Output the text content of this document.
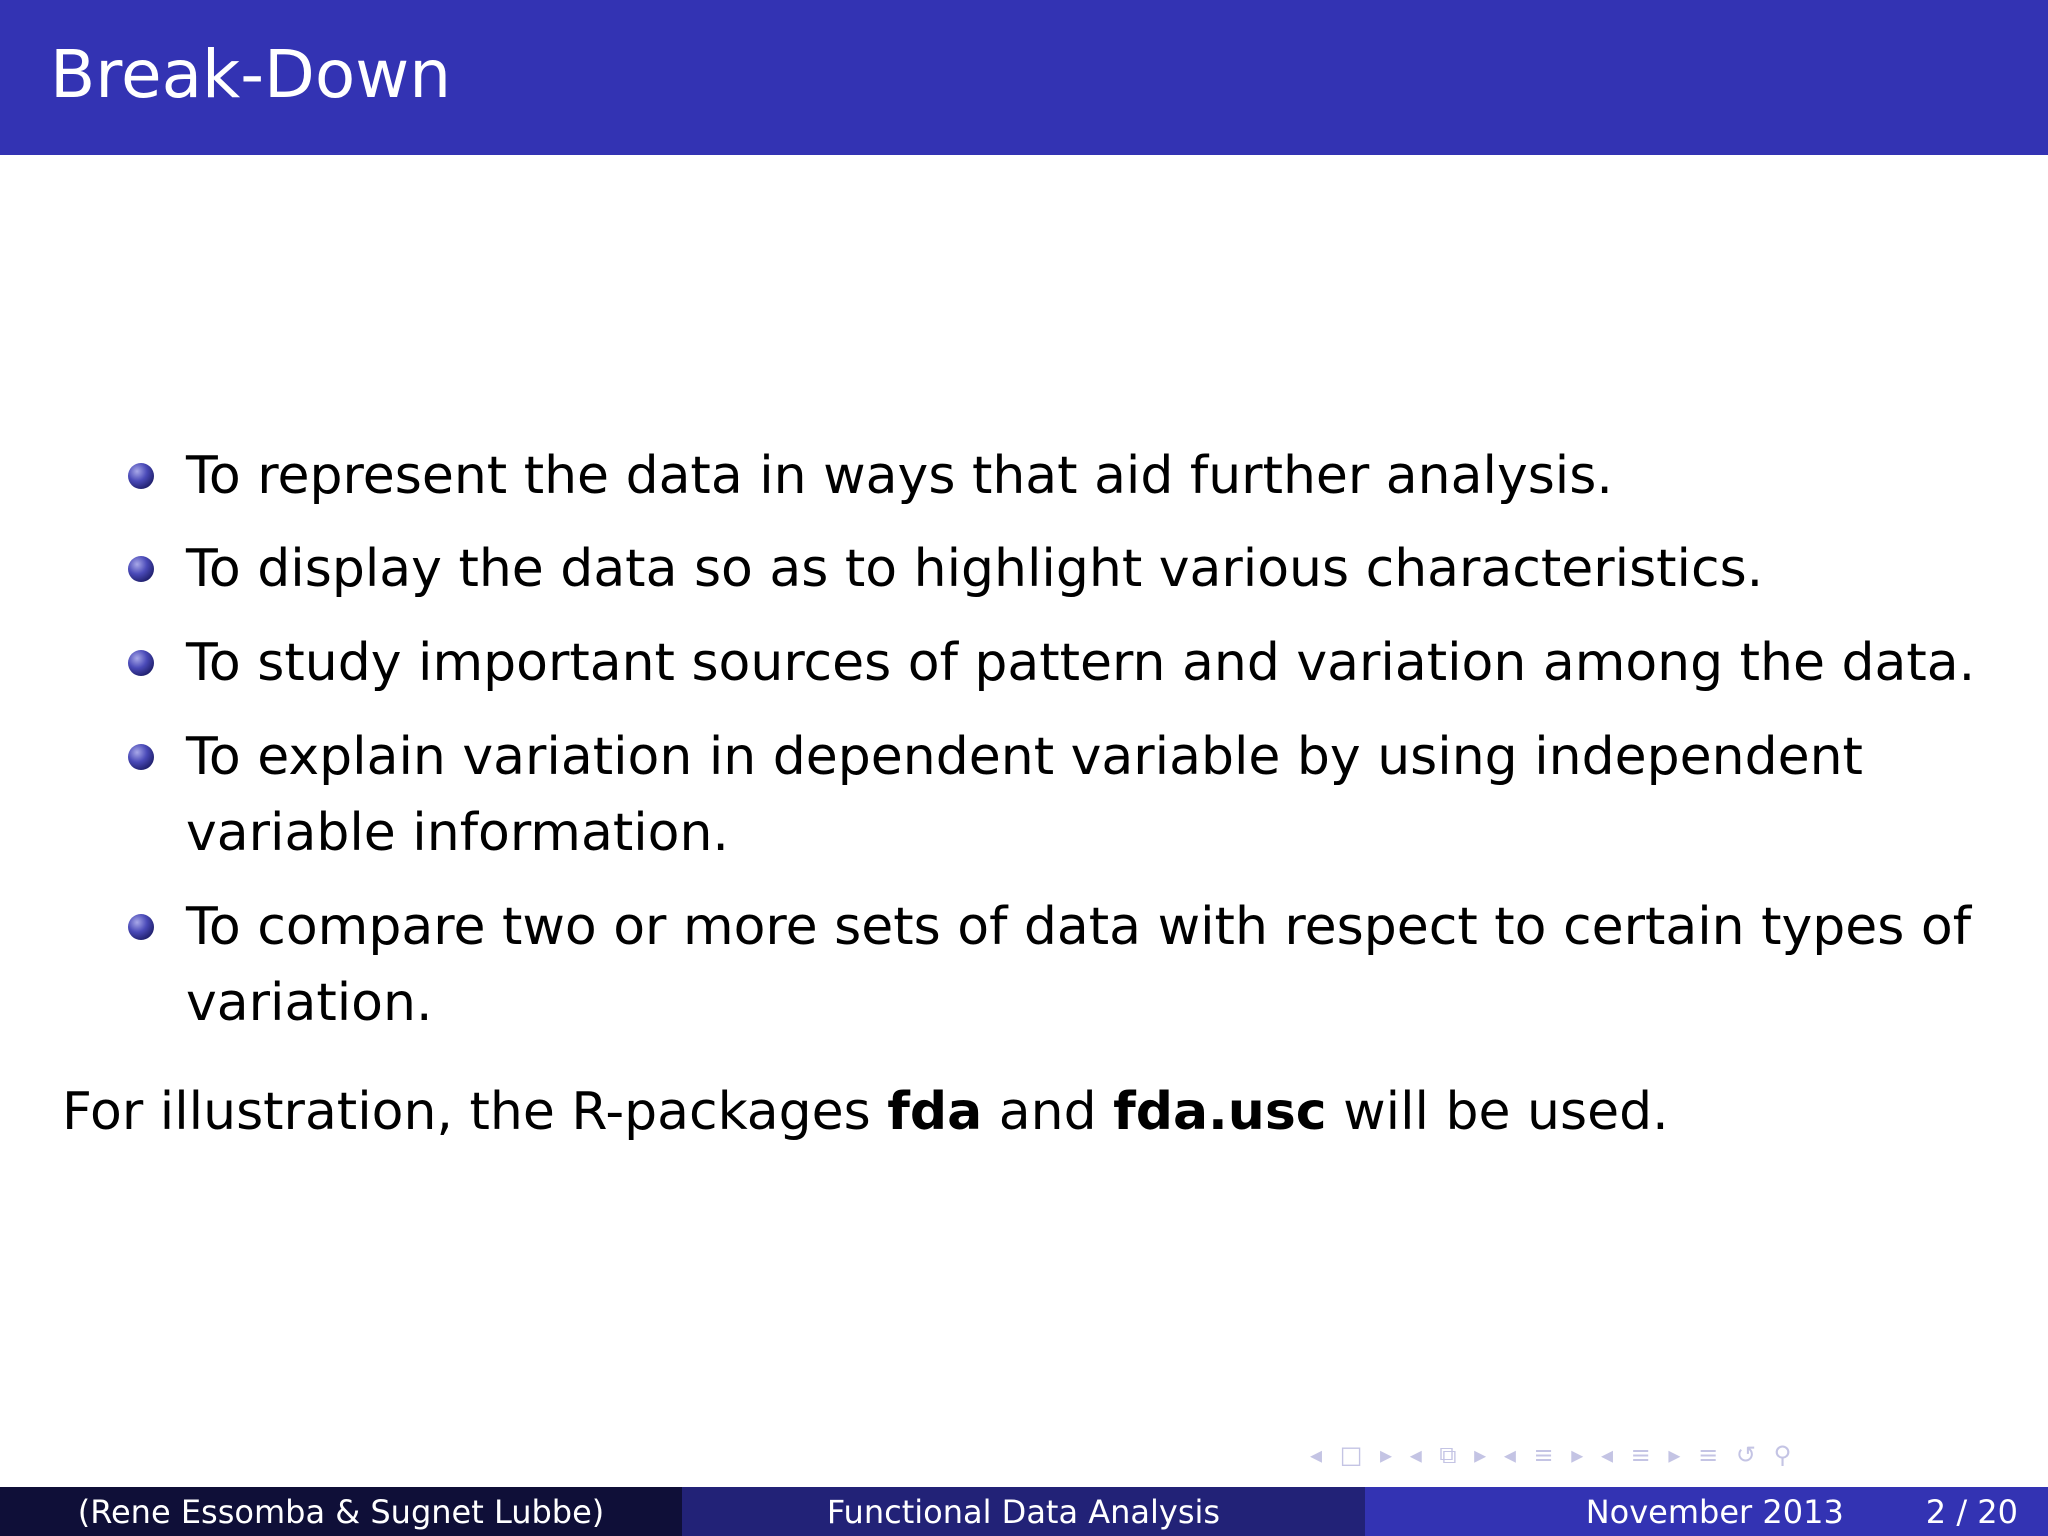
Break-Down
To represent the data in ways that aid further analysis.
To display the data so as to highlight various characteristics.
To study important sources of pattern and variation among the data.
To explain variation in dependent variable by using independent
variable information.
To compare two or more sets of data with respect to certain types of
variation.
For illustration, the R-packages fda and fda.usc will be used.
◂ □ ▸ ◂ ⧉ ▸ ◂ ≡ ▸ ◂ ≡ ▸ ≡ ↺ ⚲
(Rene Essomba & Sugnet Lubbe)	Functional Data Analysis	November 2013	2 / 20
